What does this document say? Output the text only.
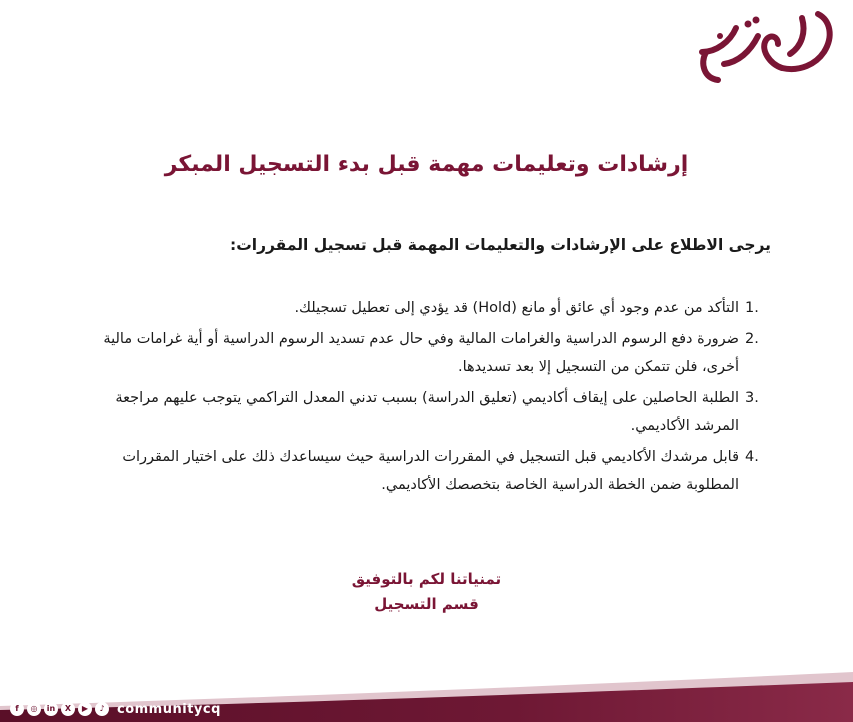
إرشادات وتعليمات مهمة قبل بدء التسجيل المبكر

يرجى الاطلاع على الإرشادات والتعليمات المهمة قبل تسجيل المقررات:

1.
التأكد من عدم وجود أي عائق أو مانع (Hold) قد يؤدي إلى تعطيل تسجيلك.
2.
ضرورة دفع الرسوم الدراسية والغرامات المالية وفي حال عدم تسديد الرسوم الدراسية أو أية غرامات مالية أخرى، فلن تتمكن من التسجيل إلا بعد تسديدها.
3.
الطلبة الحاصلين على إيقاف أكاديمي (تعليق الدراسة) بسبب تدني المعدل التراكمي يتوجب عليهم مراجعة المرشد الأكاديمي.
4.
قابل مرشدك الأكاديمي قبل التسجيل في المقررات الدراسية حيث سيساعدك ذلك على اختيار المقررات المطلوبة ضمن الخطة الدراسية الخاصة بتخصصك الأكاديمي.
تمنياتنا لكم بالتوفيق
قسم التسجيل
f	◎	in	X	▶	♪ communitycq
